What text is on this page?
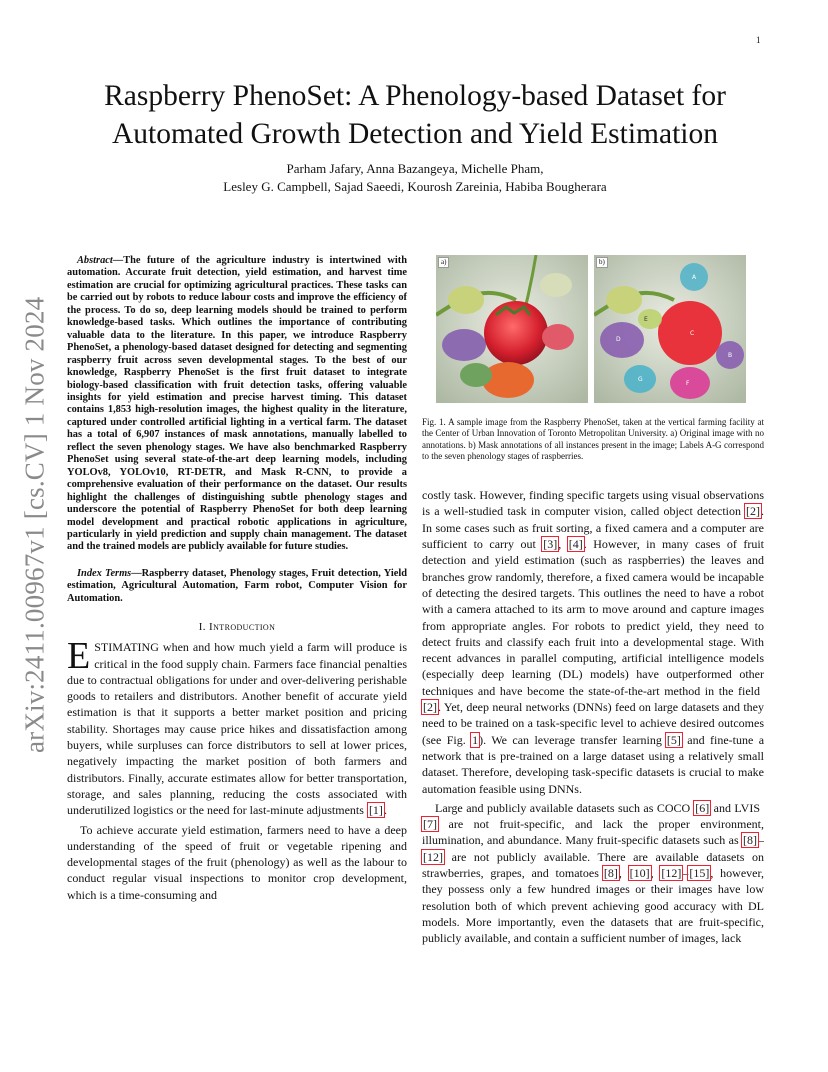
1
arXiv:2411.00967v1 [cs.CV] 1 Nov 2024
Raspberry PhenoSet: A Phenology-based Dataset for
Automated Growth Detection and Yield Estimation
Parham Jafary, Anna Bazangeya, Michelle Pham,
Lesley G. Campbell, Sajad Saeedi, Kourosh Zareinia, Habiba Bougherara

Abstract—The future of the agriculture industry is intertwined with automation. Accurate fruit detection, yield estimation, and harvest time estimation are crucial for optimizing agricultural practices. These tasks can be carried out by robots to reduce labour costs and improve the efficiency of the process. To do so, deep learning models should be trained to perform knowledge-based tasks. Which outlines the importance of contributing valuable data to the literature. In this paper, we introduce Raspberry PhenoSet, a phenology-based dataset designed for detecting and segmenting raspberry fruit across seven developmental stages. To the best of our knowledge, Raspberry PhenoSet is the first fruit dataset to integrate biology-based classification with fruit detection tasks, offering valuable insights for yield estimation and precise harvest timing. This dataset contains 1,853 high-resolution images, the highest quality in the literature, captured under controlled artificial lighting in a vertical farm. The dataset has a total of 6,907 instances of mask annotations, manually labelled to reflect the seven phenology stages. We have also benchmarked Raspberry PhenoSet using several state-of-the-art deep learning models, including YOLOv8, YOLOv10, RT-DETR, and Mask R-CNN, to provide a comprehensive evaluation of their performance on the dataset. Our results highlight the challenges of distinguishing subtle phenology stages and underscore the potential of Raspberry PhenoSet for both deep learning model development and practical robotic applications in agriculture, particularly in yield prediction and supply chain management. The dataset and the trained models are publicly available for future studies.

Index Terms—Raspberry dataset, Phenology stages, Fruit detection, Yield estimation, Agricultural Automation, Farm robot, Computer Vision for Automation.

I. Introduction

ESTIMATING when and how much yield a farm will produce is critical in the food supply chain. Farmers face financial penalties due to contractual obligations for under and over-delivering perishable goods to retailers and distributors. Another benefit of accurate yield estimation is that it supports a better market position and pricing stability. Shortages may cause price hikes and dissatisfaction among buyers, while surpluses can force distributors to sell at lower prices, negatively impacting the market position of both farmers and distributors. Finally, accurate estimates allow for better transportation, storage, and sales planning, reducing the costs associated with underutilized logistics or the need for last-minute adjustments [1].

To achieve accurate yield estimation, farmers need to have a deep understanding of the speed of fruit or vegetable ripening and developmental stages of the fruit (phenology) as well as the labour to conduct regular visual inspections to monitor crop development, which is a time-consuming and

a)
A
D
E
C
B
F
G
b)

Fig. 1. A sample image from the Raspberry PhenoSet, taken at the vertical farming facility at the Center of Urban Innovation of Toronto Metropolitan University. a) Original image with no annotations. b) Mask annotations of all instances present in the image; Labels A-G correspond to the seven phenology stages of raspberries.

costly task. However, finding specific targets using visual observations is a well-studied task in computer vision, called object detection [2]. In some cases such as fruit sorting, a fixed camera and a computer are sufficient to carry out [3], [4]. However, in many cases of fruit detection and yield estimation (such as raspberries) the leaves and branches grow randomly, therefore, a fixed camera would be incapable of detecting the desired targets. This outlines the need to have a robot with a camera attached to its arm to move around and capture images from appropriate angles. For robots to predict yield, they need to detect fruits and classify each fruit into a developmental stage. With recent advances in parallel computing, artificial intelligence models (especially deep learning (DL) models) have outperformed other techniques and have become the state-of-the-art method in the field[2]. Yet, deep neural networks (DNNs) feed on large datasets and they need to be trained on a task-specific level to achieve desired outcomes (see Fig. 1). We can leverage transfer learning [5] and fine-tune a network that is pre-trained on a large dataset using a relatively small dataset. Therefore, developing task-specific datasets is crucial to make automation feasible using DNNs.

Large and publicly available datasets such as COCO [6] and LVIS[7] are not fruit-specific, and lack the proper environment, illumination, and abundance. Many fruit-specific datasets such as [8]–[12] are not publicly available. There are available datasets on strawberries, grapes, and tomatoes [8], [10], [12]–[15], however, they possess only a few hundred images or their images have low resolution both of which prevent achieving good accuracy with DL models. More importantly, even the datasets that are fruit-specific, publicly available, and contain a sufficient number of images, lack
